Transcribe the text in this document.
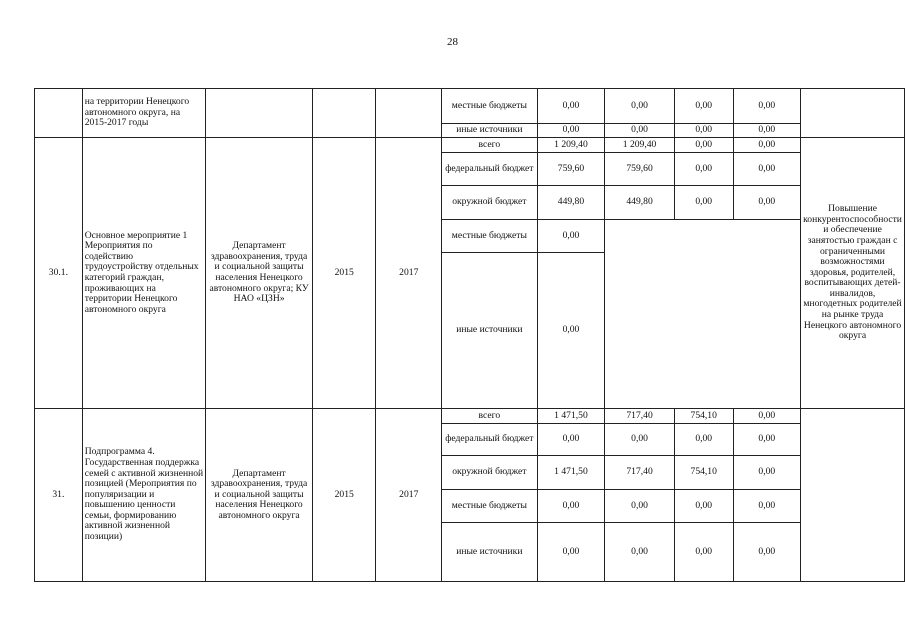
28
	на территории Ненецкого автономного округа, на 2015-2017 годы				местные бюджеты	0,00	0,00	0,00	0,00	
					иные источники	0,00	0,00	0,00	0,00	
30.1.	Основное мероприятие 1 Мероприятия по содействию трудоустройству отдельных категорий граждан, проживающих на территории Ненецкого автономного округа	Департамент здравоохранения, труда и социальной защиты населения Ненецкого автономного округа; КУ НАО «ЦЗН»	2015	2017	всего	1 209,40	1 209,40	0,00	0,00	Повышение конкурентоспособности и обеспечение занятостью граждан с ограниченными возможностями здоровья, родителей, воспитывающих детей-инвалидов, многодетных родителей на рынке труда Ненецкого автономного округа
					федеральный бюджет	759,60	759,60	0,00	0,00	
					окружной бюджет	449,80	449,80	0,00	0,00	
					местные бюджеты	0,00				
					иные источники	0,00				
31.	Подпрограмма 4. Государственная поддержка семей с активной жизненной позицией (Мероприятия по популяризации и повышению ценности семьи, формированию активной жизненной позиции)	Департамент здравоохранения, труда и социальной защиты населения Ненецкого автономного округа	2015	2017	всего	1 471,50	717,40	754,10	0,00	
					федеральный бюджет	0,00	0,00	0,00	0,00	
					окружной бюджет	1 471,50	717,40	754,10	0,00	
					местные бюджеты	0,00	0,00	0,00	0,00	
					иные источники	0,00	0,00	0,00	0,00	
